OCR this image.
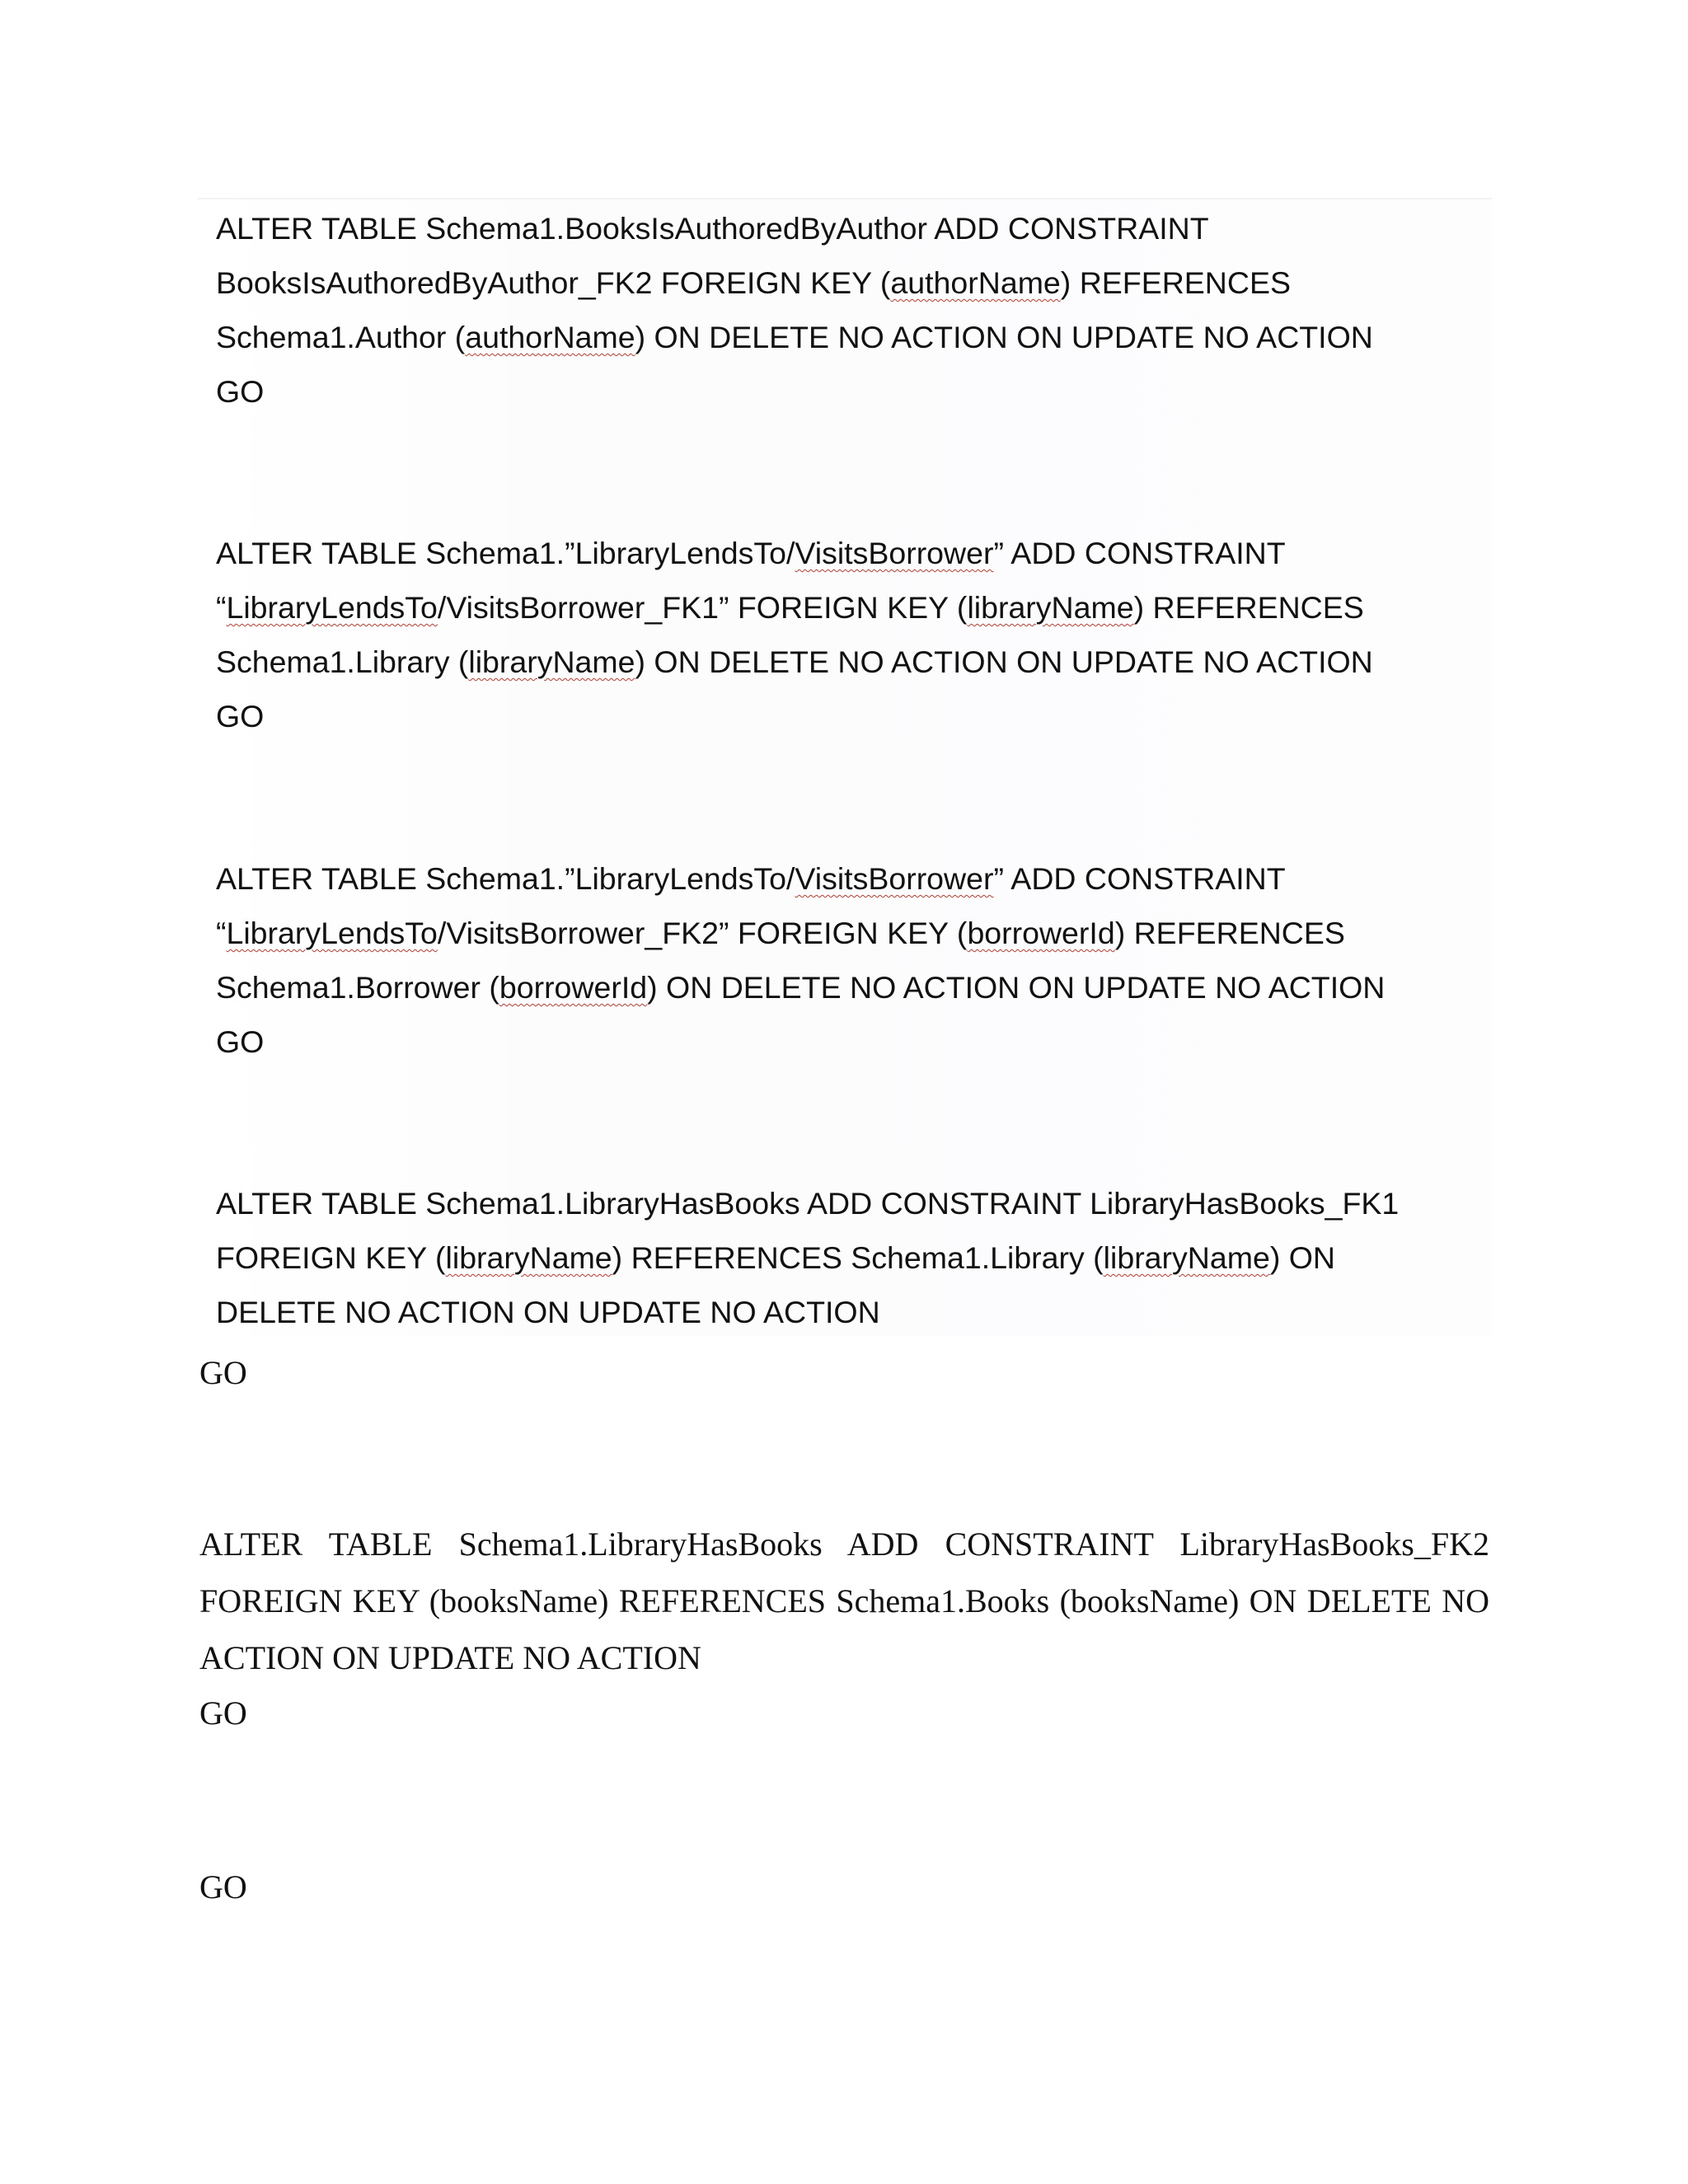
ALTER TABLE Schema1.BooksIsAuthoredByAuthor ADD CONSTRAINT
BooksIsAuthoredByAuthor_FK2 FOREIGN KEY (authorName) REFERENCES
Schema1.Author (authorName) ON DELETE NO ACTION ON UPDATE NO ACTION
GO
ALTER TABLE Schema1.”LibraryLendsTo/VisitsBorrower” ADD CONSTRAINT
“LibraryLendsTo/VisitsBorrower_FK1” FOREIGN KEY (libraryName) REFERENCES
Schema1.Library (libraryName) ON DELETE NO ACTION ON UPDATE NO ACTION
GO
ALTER TABLE Schema1.”LibraryLendsTo/VisitsBorrower” ADD CONSTRAINT
“LibraryLendsTo/VisitsBorrower_FK2” FOREIGN KEY (borrowerId) REFERENCES
Schema1.Borrower (borrowerId) ON DELETE NO ACTION ON UPDATE NO ACTION
GO
ALTER TABLE Schema1.LibraryHasBooks ADD CONSTRAINT LibraryHasBooks_FK1
FOREIGN KEY (libraryName) REFERENCES Schema1.Library (libraryName) ON
DELETE NO ACTION ON UPDATE NO ACTION
GO
ALTER TABLE Schema1.LibraryHasBooks ADD CONSTRAINT LibraryHasBooks_FK2
FOREIGN KEY (booksName) REFERENCES Schema1.Books (booksName) ON DELETE NO
ACTION ON UPDATE NO ACTION
GO
GO
